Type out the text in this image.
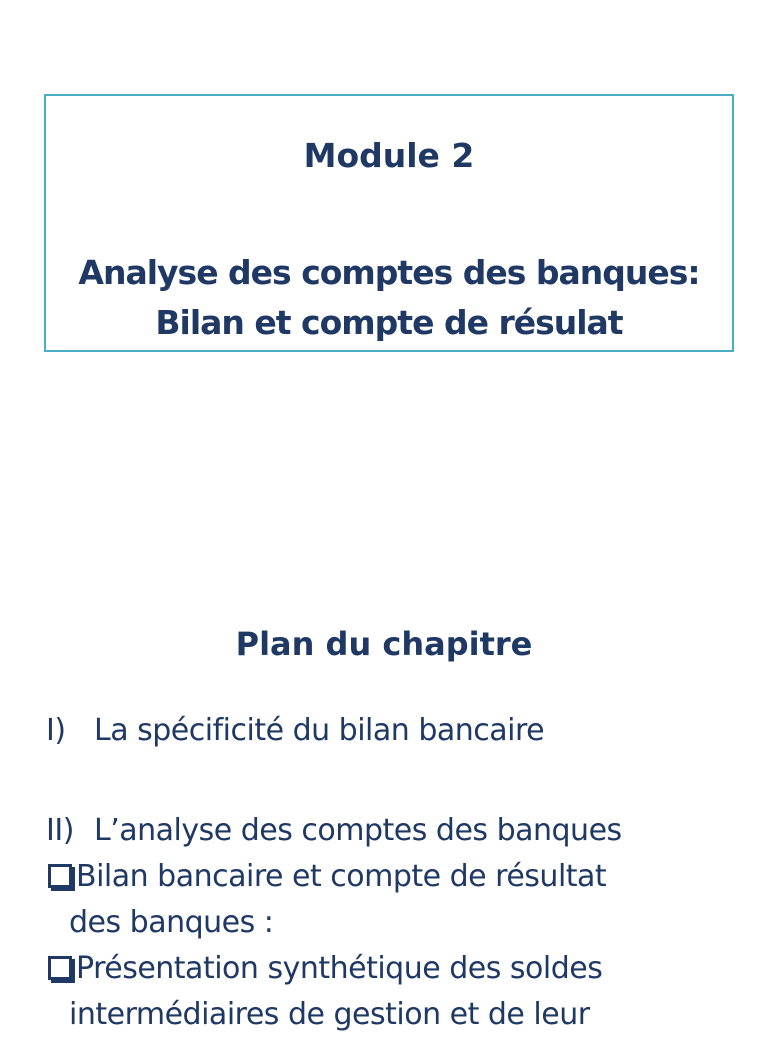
Module 2
Analyse des comptes des banques:
Bilan et compte de résulat
Plan du chapitre
I) La spécificité du bilan bancaire
II) L’analyse des comptes des banques
Bilan bancaire et compte de résultat
des banques :
Présentation synthétique des soldes
intermédiaires de gestion et de leur
